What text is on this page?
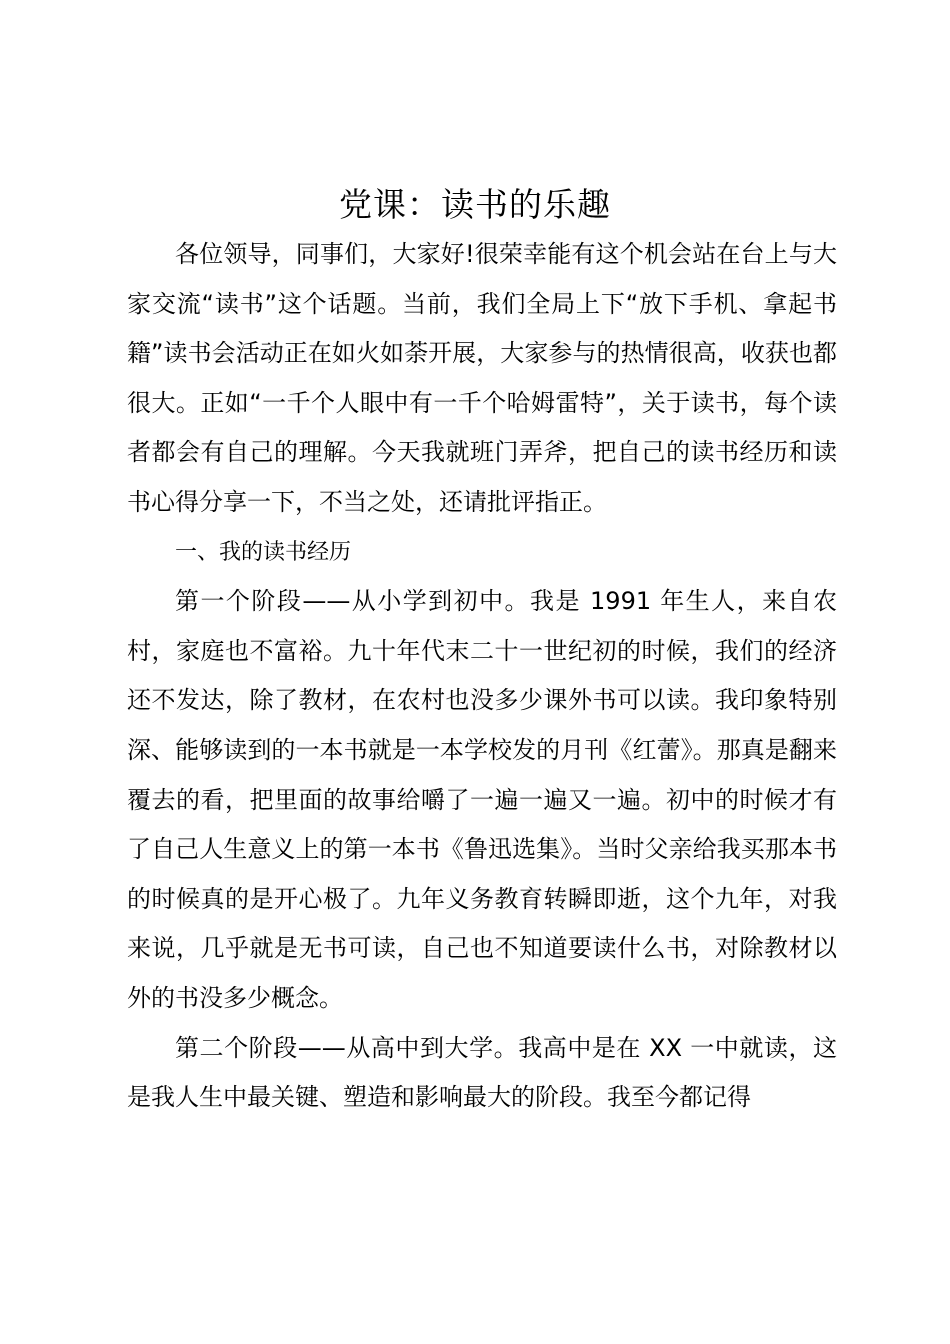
党课：读书的乐趣

各位领导，同事们，大家好!很荣幸能有这个机会站在台上与大家交流“读书”这个话题。当前，我们全局上下“放下手机、拿起书籍”读书会活动正在如火如荼开展，大家参与的热情很高，收获也都很大。正如“一千个人眼中有一千个哈姆雷特”，关于读书，每个读者都会有自己的理解。今天我就班门弄斧，把自己的读书经历和读书心得分享一下，不当之处，还请批评指正。

一、我的读书经历

第一个阶段——从小学到初中。我是 1991 年生人，来自农村，家庭也不富裕。九十年代末二十一世纪初的时候，我们的经济还不发达，除了教材，在农村也没多少课外书可以读。我印象特别深、能够读到的一本书就是一本学校发的月刊《红蕾》。那真是翻来覆去的看，把里面的故事给嚼了一遍一遍又一遍。初中的时候才有了自己人生意义上的第一本书《鲁迅选集》。当时父亲给我买那本书的时候真的是开心极了。九年义务教育转瞬即逝，这个九年，对我来说，几乎就是无书可读，自己也不知道要读什么书，对除教材以外的书没多少概念。

第二个阶段——从高中到大学。我高中是在 XX 一中就读，这是我人生中最关键、塑造和影响最大的阶段。我至今都记得
